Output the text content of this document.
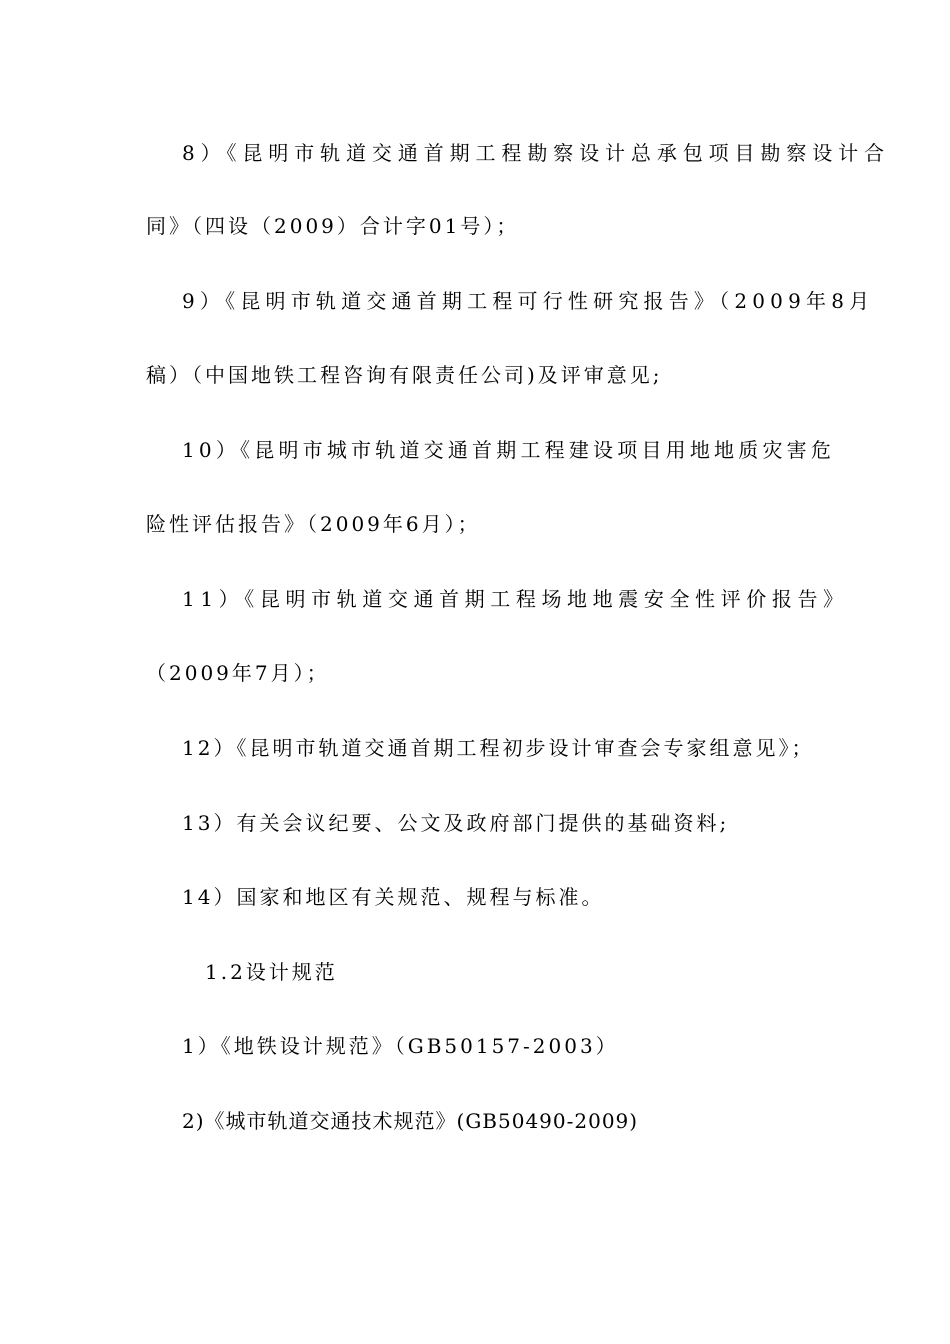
8）《昆明市轨道交通首期工程勘察设计总承包项目勘察设计合
同》（四设（2009）合计字01号）；
9）《昆明市轨道交通首期工程可行性研究报告》（2009年8月
稿）（中国地铁工程咨询有限责任公司)及评审意见;
10）《昆明市城市轨道交通首期工程建设项目用地地质灾害危
险性评估报告》（2009年6月）；
11）《昆明市轨道交通首期工程场地地震安全性评价报告》
（2009年7月）；
12）《昆明市轨道交通首期工程初步设计审查会专家组意见》；
13）有关会议纪要、公文及政府部门提供的基础资料;
14）国家和地区有关规范、规程与标准。
1.2设计规范
1）《地铁设计规范》（GB50157-2003）
2)《城市轨道交通技术规范》(GB50490-2009)
